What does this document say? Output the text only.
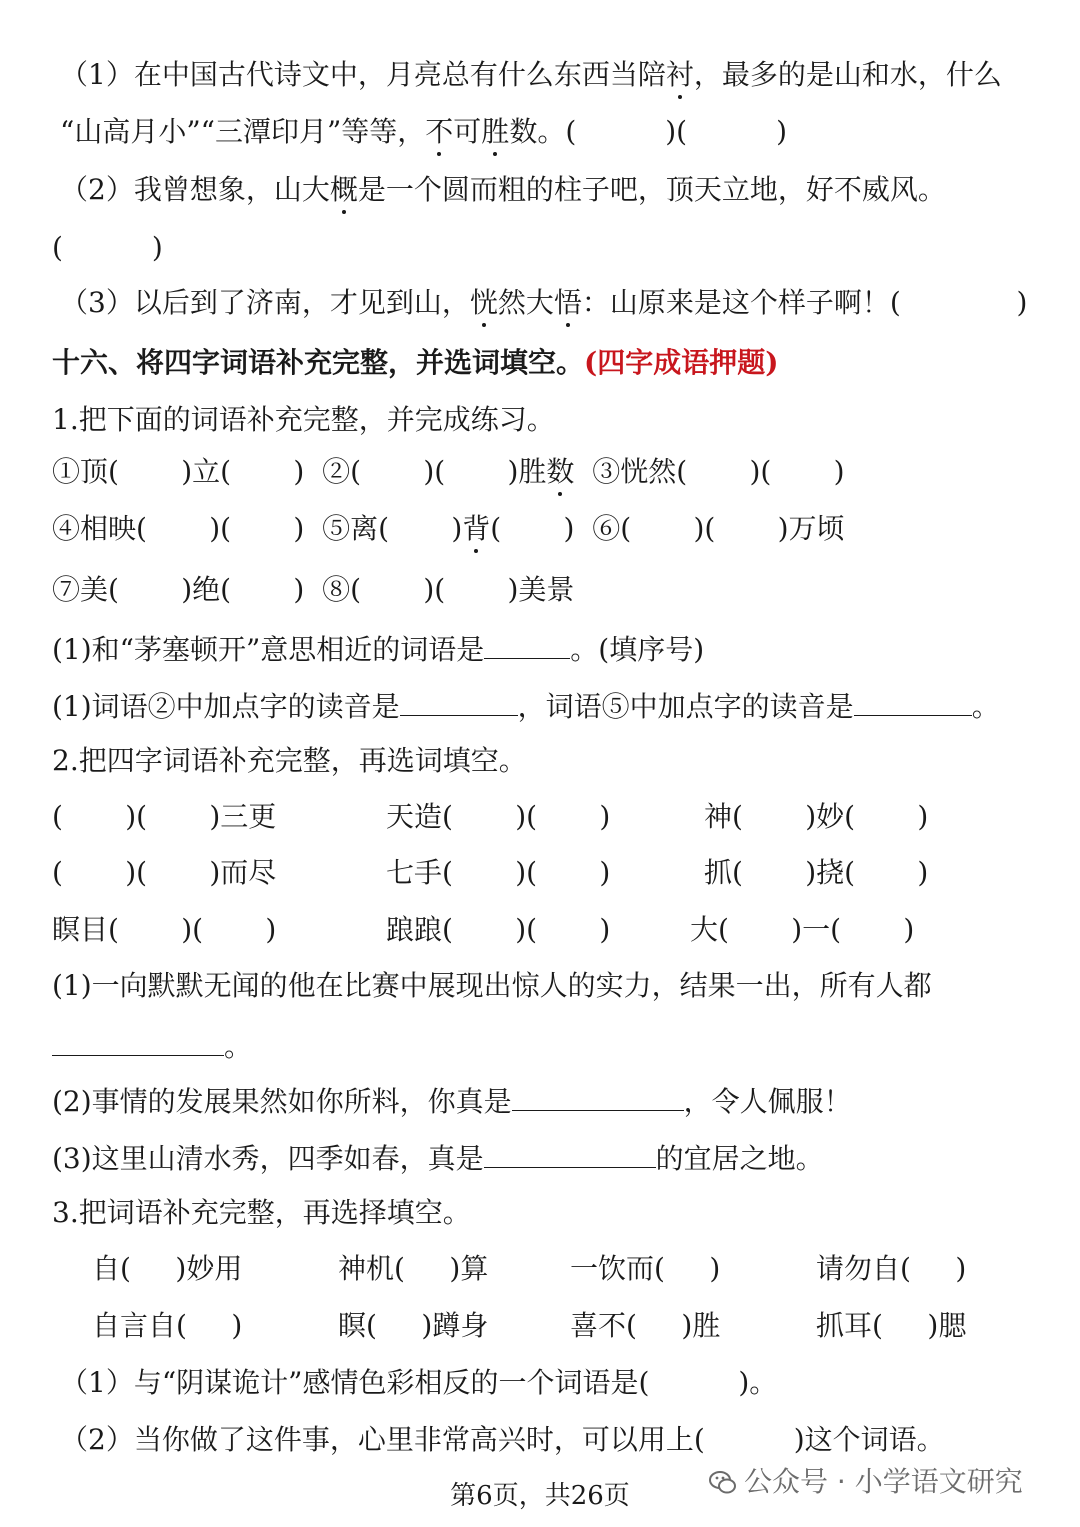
（1）在中国古代诗文中，月亮总有什么东西当陪衬，最多的是山和水，什么
“山高月小”“三潭印月”等等，不可胜数。(          )(          )
（2）我曾想象，山大概是一个圆而粗的柱子吧，顶天立地，好不威风。
(          )
（3）以后到了济南，才见到山，恍然大悟：山原来是这个样子啊！(             )
十六、将四字词语补充完整，并选词填空。(四字成语押题)
1.把下面的词语补充完整，并完成练习。
①顶(       )立(       )  ②(       )(       )胜数  ③恍然(       )(       )
④相映(       )(       )  ⑤离(       )背(       )  ⑥(       )(       )万顷
⑦美(       )绝(       )  ⑧(       )(       )美景
(1)和“茅塞顿开”意思相近的词语是	。(填序号)
(1)词语②中加点字的读音是	，词语⑤中加点字的读音是	。
2.把四字词语补充完整，再选词填空。
(       )(       )三更	天造(       )(       )	神(       )妙(       )
(       )(       )而尽	七手(       )(       )	抓(       )挠(       )
瞑目(       )(       )	踉踉(       )(       )	大(       )一(       )
(1)一向默默无闻的他在比赛中展现出惊人的实力，结果一出，所有人都
。
(2)事情的发展果然如你所料，你真是	，令人佩服！
(3)这里山清水秀，四季如春，真是	的宜居之地。
3.把词语补充完整，再选择填空。
自(     )妙用	神机(     )算	一饮而(     )	请勿自(     )
自言自(     )	瞑(     )蹲身	喜不(     )胜	抓耳(     )腮
（1）与“阴谋诡计”感情色彩相反的一个词语是(          )。
（2）当你做了这件事，心里非常高兴时，可以用上(          )这个词语。
第6页，共26页	公众号 · 小学语文研究
